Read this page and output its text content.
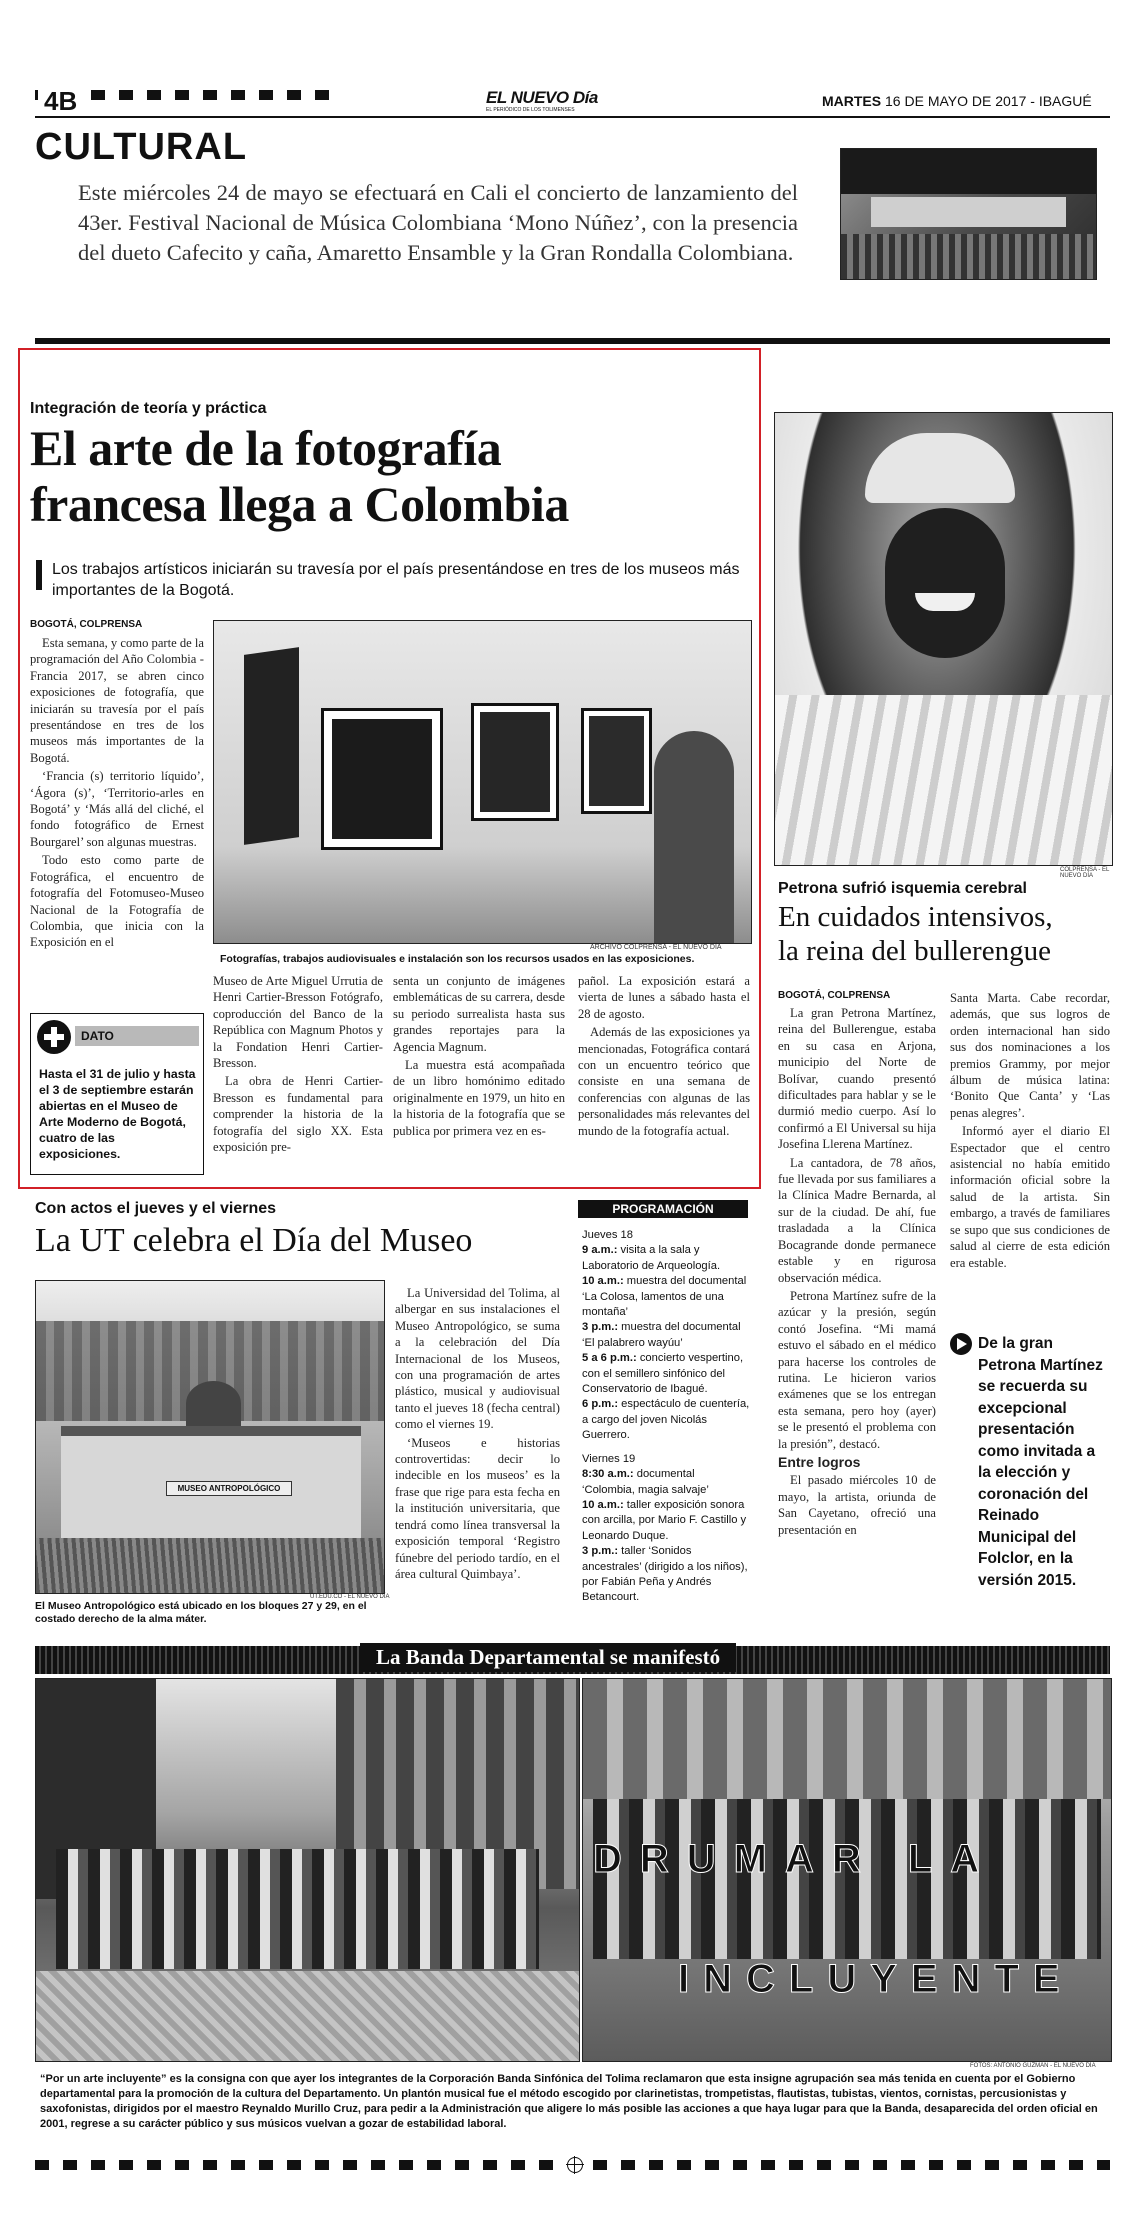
4B	EL NUEVO Día
EL PERIÓDICO DE LOS TOLIMENSES
MARTES 16 DE MAYO DE 2017 - IBAGUÉ
CULTURAL
Este miércoles 24 de mayo se efectuará en Cali el concierto de lanzamiento del 43er. Festival Nacional de Música Colombiana ‘Mono Núñez’, con la presencia del dueto Cafecito y caña, Amaretto Ensamble y la Gran Rondalla Colombiana.
Integración de teoría y práctica
El arte de la fotografía
francesa llega a Colombia
Los trabajos artísticos iniciarán su travesía por el país presentándose en tres de los museos más importantes de la Bogotá.
BOGOTÁ, COLPRENSA

Esta semana, y como parte de la programación del Año Colombia - Francia 2017, se abren cinco exposiciones de fotografía, que iniciarán su travesía por el país presentándose en tres de los museos más importantes de la Bogotá.

‘Francia (s) territorio líquido’, ‘Ágora (s)’, ‘Territorio-arles en Bogotá’ y ‘Más allá del cliché, el fondo fotográfico de Ernest Bourgarel’ son algunas muestras.

Todo esto como parte de Fotográfica, el encuentro de fotografía del Fotomuseo-Museo Nacional de la Fotografía de Colombia, que inicia con la Exposición en el	ARCHIVO COLPRENSA - EL NUEVO DÍA
Fotografías, trabajos audiovisuales e instalación son los recursos usados en las exposiciones.

Museo de Arte Miguel Urrutia de Henri Cartier-Bresson Fotógrafo, coproducción del Banco de la República con Magnum Photos y la Fondation Henri Cartier-Bresson.

La obra de Henri Cartier-Bresson es fundamental para comprender la historia de la fotografía del siglo XX. Esta exposición pre-

senta un conjunto de imágenes emblemáticas de su carrera, desde su periodo surrealista hasta sus grandes reportajes para la Agencia Magnum.

La muestra está acompañada de un libro homónimo editado originalmente en 1979, un hito en la historia de la fotografía que se publica por primera vez en es-

pañol. La exposición estará a vierta de lunes a sábado hasta el 28 de agosto.

Además de las exposiciones ya mencionadas, Fotográfica contará con un encuentro teórico que consiste en una semana de conferencias con algunas de las personalidades más relevantes del mundo de la fotografía actual.

DATO
Hasta el 31 de julio y hasta el 3 de septiembre estarán abiertas en el Museo de Arte Moderno de Bogotá, cuatro de las exposiciones.
COLPRENSA - EL NUEVO DÍA
Petrona sufrió isquemia cerebral
En cuidados intensivos,
la reina del bullerengue
BOGOTÁ, COLPRENSA

La gran Petrona Martínez, reina del Bullerengue, estaba en su casa en Arjona, municipio del Norte de Bolívar, cuando presentó dificultades para hablar y se le durmió medio cuerpo. Así lo confirmó a El Universal su hija Josefina Llerena Martínez.

La cantadora, de 78 años, fue llevada por sus familiares a la Clínica Madre Bernarda, al sur de la ciudad. De ahí, fue trasladada a la Clínica Bocagrande donde permanece estable y en rigurosa observación médica.

Petrona Martínez sufre de la azúcar y la presión, según contó Josefina. “Mi mamá estuvo el sábado en el médico para hacerse los controles de rutina. Le hicieron varios exámenes que se los entregan esta semana, pero hoy (ayer) se le presentó el problema con la presión”, destacó.

Entre logros

El pasado miércoles 10 de mayo, la artista, oriunda de San Cayetano, ofreció una presentación en

Santa Marta. Cabe recordar, además, que sus logros de orden internacional han sido sus dos nominaciones a los premios Grammy, por mejor álbum de música latina: ‘Bonito Que Canta’ y ‘Las penas alegres’.

Informó ayer el diario El Espectador que el centro asistencial no había emitido información oficial sobre la salud de la artista. Sin embargo, a través de familiares se supo que sus condiciones de salud al cierre de esta edición era estable.

De la gran Petrona Martínez se recuerda su excepcional presentación como invitada a la elección y coronación del Reinado Municipal del Folclor, en la versión 2015.
Con actos el jueves y el viernes
La UT celebra el Día del Museo
MUSEO ANTROPOLÓGICO
UT.EDU.CO - EL NUEVO DÍA
El Museo Antropológico está ubicado en los bloques 27 y 29, en el costado derecho de la alma máter.

La Universidad del Tolima, al albergar en sus instalaciones el Museo Antropológico, se suma a la celebración del Día Internacional de los Museos, con una programación de artes plástico, musical y audiovisual tanto el jueves 18 (fecha central) como el viernes 19.

‘Museos e historias controvertidas: decir lo indecible en los museos’ es la frase que rige para esta fecha en la institución universitaria, que tendrá como línea transversal la exposición temporal ‘Registro fúnebre del periodo tardío, en el área cultural Quimbaya’.

PROGRAMACIÓN
Jueves 18
9 a.m.: visita a la sala y Laboratorio de Arqueología.
10 a.m.: muestra del documental ‘La Colosa, lamentos de una montaña’
3 p.m.: muestra del documental ‘El palabrero wayúu’
5 a 6 p.m.: concierto vespertino, con el semillero sinfónico del Conservatorio de Ibagué.
6 p.m.: espectáculo de cuentería, a cargo del joven Nicolás Guerrero.
Viernes 19
8:30 a.m.: documental ‘Colombia, magia salvaje’
10 a.m.: taller exposición sonora con arcilla, por Mario F. Castillo y Leonardo Duque.
3 p.m.: taller ‘Sonidos ancestrales’ (dirigido a los niños), por Fabián Peña y Andrés Betancourt.
La Banda Departamental se manifestó
DRUMAR LA
INCLUYENTE
FOTOS: ANTONIO GUZMÁN - EL NUEVO DÍA
“Por un arte incluyente” es la consigna con que ayer los integrantes de la Corporación Banda Sinfónica del Tolima reclamaron que esta insigne agrupación sea más tenida en cuenta por el Gobierno departamental para la promoción de la cultura del Departamento. Un plantón musical fue el método escogido por clarinetistas, trompetistas, flautistas, tubistas, vientos, cornistas, percusionistas y saxofonistas, dirigidos por el maestro Reynaldo Murillo Cruz, para pedir a la Administración que aligere lo más posible las acciones a que haya lugar para que la Banda, desaparecida del orden oficial en 2001, regrese a su carácter público y sus músicos vuelvan a gozar de estabilidad laboral.
